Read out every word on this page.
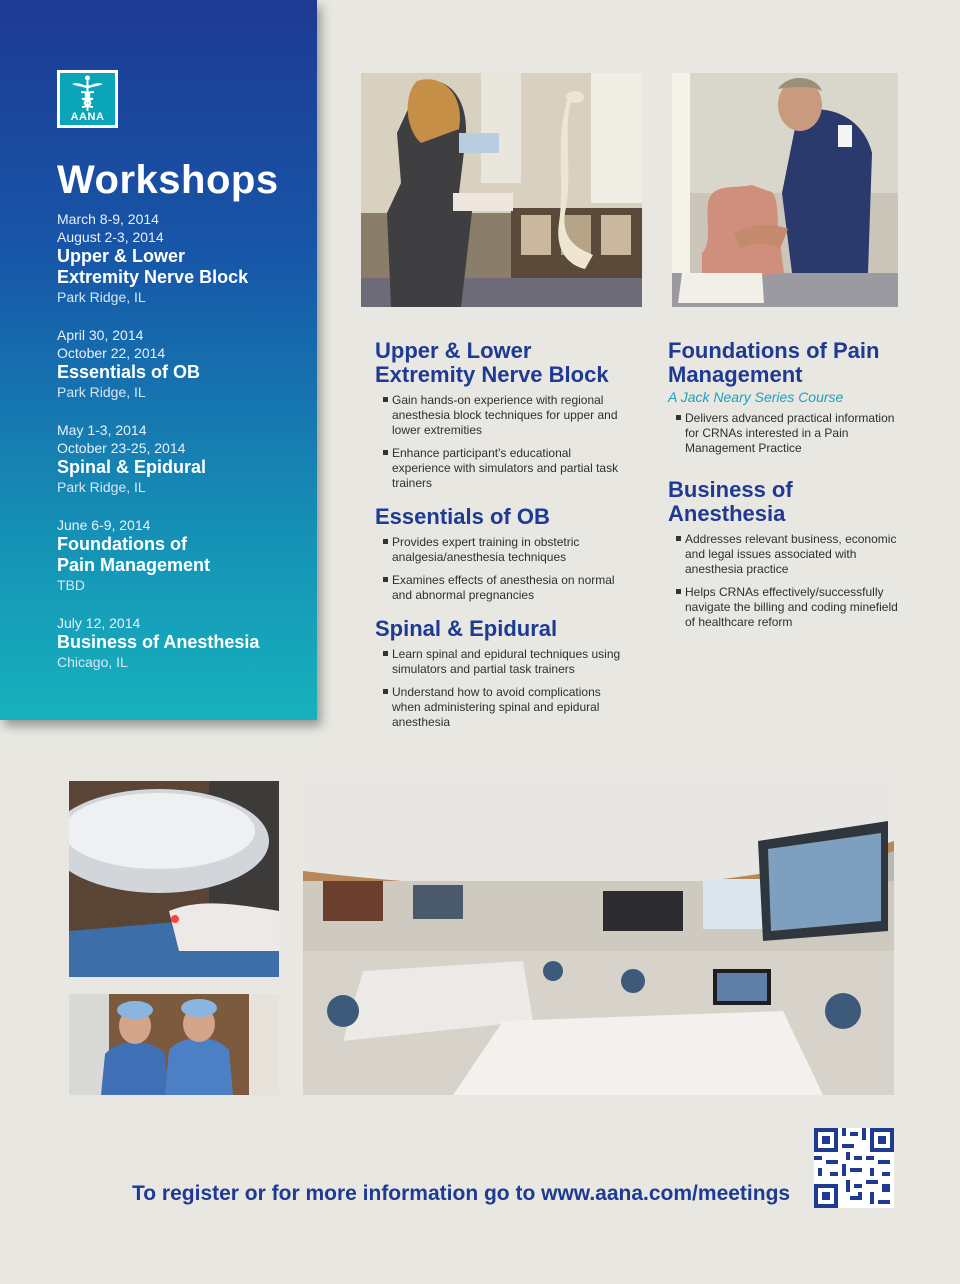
AANA
Workshops
March 8-9, 2014
August 2-3, 2014
Upper & Lower
Extremity Nerve Block
Park Ridge, IL
April 30, 2014
October 22, 2014
Essentials of OB
Park Ridge, IL
May 1-3, 2014
October 23-25, 2014
Spinal & Epidural
Park Ridge, IL
June 6-9, 2014
Foundations of
Pain Management
TBD
July 12, 2014
Business of Anesthesia
Chicago, IL
Upper & Lower
Extremity Nerve Block
Gain hands-on experience with regional anesthesia block techniques for upper and lower extremities
Enhance participant's educational experience with simulators and partial task trainers
Essentials of OB
Provides expert training in obstetric analgesia/anesthesia techniques
Examines effects of anesthesia on normal and abnormal pregnancies
Spinal & Epidural
Learn spinal and epidural techniques using simulators and partial task trainers
Understand how to avoid complications when administering spinal and epidural anesthesia
Foundations of Pain
Management
A Jack Neary Series Course
Delivers advanced practical information for CRNAs interested in a Pain Management Practice
Business of Anesthesia
Addresses relevant business, economic and legal issues associated with anesthesia practice
Helps CRNAs effectively/successfully navigate the billing and coding minefield of healthcare reform
To register or for more information go to www.aana.com/meetings
